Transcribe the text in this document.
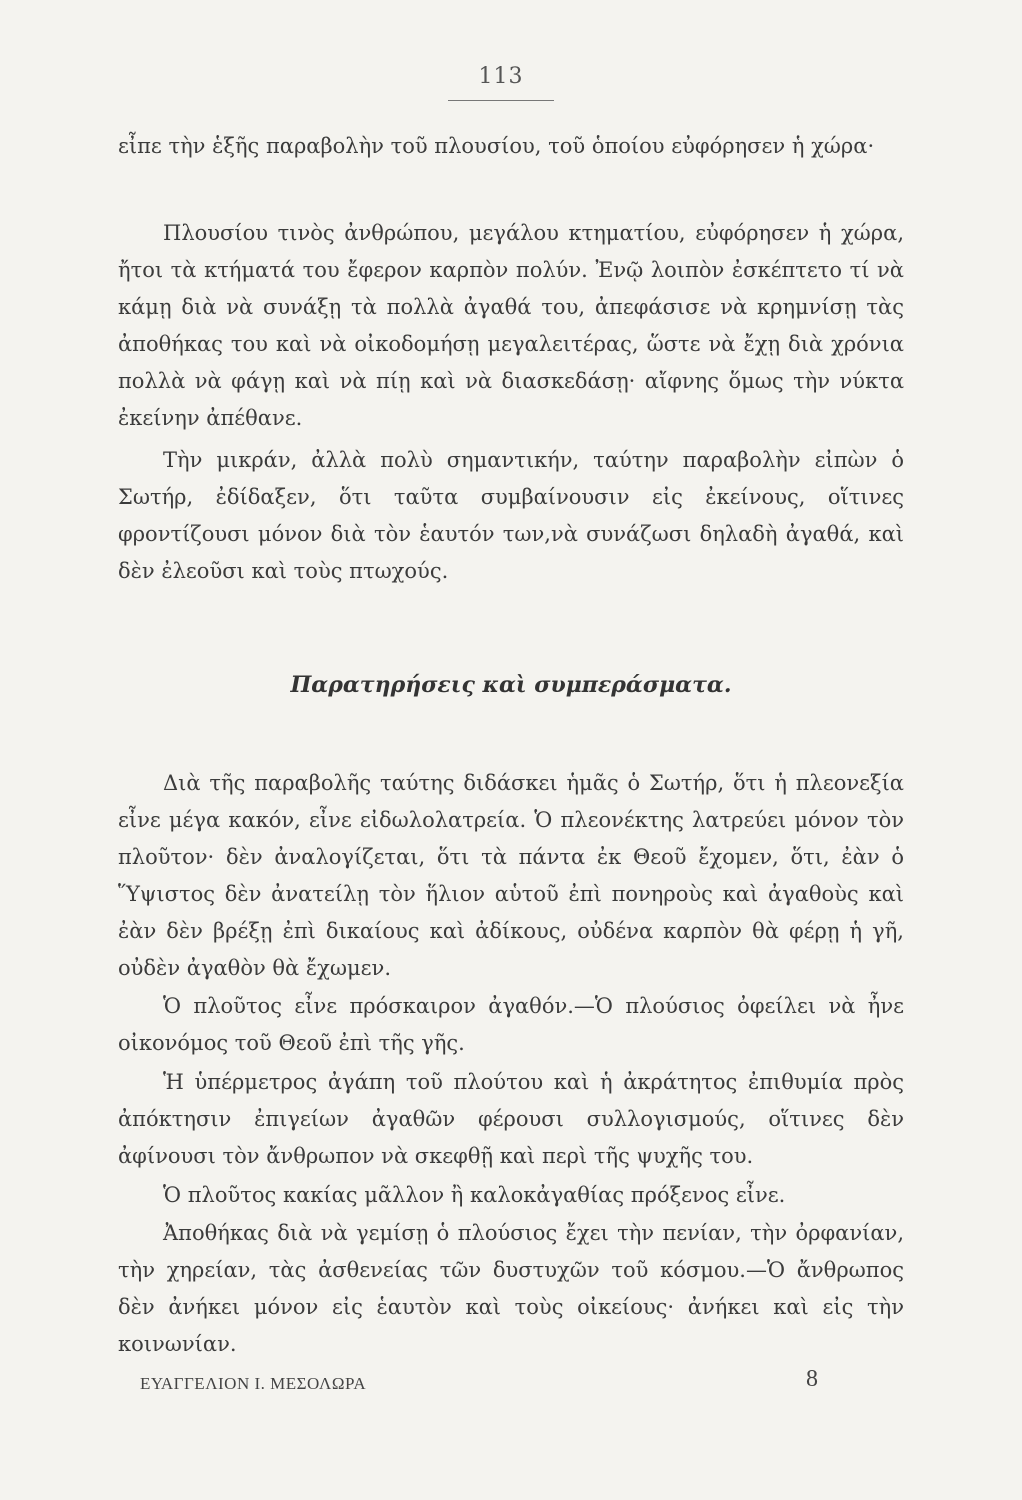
113

εἶπε τὴν ἑξῆς παραβολὴν τοῦ πλουσίου, τοῦ ὁποίου εὐφόρησεν ἡ χώρα·

Πλουσίου τινὸς ἀνθρώπου, μεγάλου κτηματίου, εὐφόρησεν ἡ χώρα, ἤτοι τὰ κτήματά του ἔφερον καρπὸν πολύν. Ἐνῷ λοιπὸν ἐσκέπτετο τί νὰ κάμῃ διὰ νὰ συνάξῃ τὰ πολλὰ ἀγαθά του, ἀπεφάσισε νὰ κρημνίσῃ τὰς ἀποθήκας του καὶ νὰ οἰκοδομήσῃ μεγαλειτέρας, ὥστε νὰ ἔχῃ διὰ χρόνια πολλὰ νὰ φάγῃ καὶ νὰ πίῃ καὶ νὰ διασκεδάσῃ· αἴφνης ὅμως τὴν νύκτα ἐκείνην ἀπέθανε.

Τὴν μικράν, ἀλλὰ πολὺ σημαντικήν, ταύτην παραβολὴν εἰπὼν ὁ Σωτήρ, ἐδίδαξεν, ὅτι ταῦτα συμβαίνουσιν εἰς ἐκείνους, οἵτινες φροντίζουσι μόνον διὰ τὸν ἑαυτόν των,νὰ συνάζωσι δηλαδὴ ἀγαθά, καὶ δὲν ἐλεοῦσι καὶ τοὺς πτωχούς.

Παρατηρήσεις καὶ συμπεράσματα.

Διὰ τῆς παραβολῆς ταύτης διδάσκει ἡμᾶς ὁ Σωτήρ, ὅτι ἡ πλεονεξία εἶνε μέγα κακόν, εἶνε εἰδωλολατρεία. Ὁ πλεονέκτης λατρεύει μόνον τὸν πλοῦτον· δὲν ἀναλογίζεται, ὅτι τὰ πάντα ἐκ Θεοῦ ἔχομεν, ὅτι, ἐὰν ὁ Ὕψιστος δὲν ἀνατείλῃ τὸν ἥλιον αὑτοῦ ἐπὶ πονηροὺς καὶ ἀγαθοὺς καὶ ἐὰν δὲν βρέξῃ ἐπὶ δικαίους καὶ ἀδίκους, οὐδένα καρπὸν θὰ φέρῃ ἡ γῆ, οὐδὲν ἀγαθὸν θὰ ἔχωμεν.

Ὁ πλοῦτος εἶνε πρόσκαιρον ἀγαθόν.—Ὁ πλούσιος ὀφείλει νὰ ἦνε οἰκονόμος τοῦ Θεοῦ ἐπὶ τῆς γῆς.

Ἡ ὑπέρμετρος ἀγάπη τοῦ πλούτου καὶ ἡ ἀκράτητος ἐπιθυμία πρὸς ἀπόκτησιν ἐπιγείων ἀγαθῶν φέρουσι συλλογισμούς, οἵτινες δὲν ἀφίνουσι τὸν ἄνθρωπον νὰ σκεφθῇ καὶ περὶ τῆς ψυχῆς του.

Ὁ πλοῦτος κακίας μᾶλλον ἢ καλοκἀγαθίας πρόξενος εἶνε.

Ἀποθήκας διὰ νὰ γεμίσῃ ὁ πλούσιος ἔχει τὴν πενίαν, τὴν ὀρφανίαν, τὴν χηρείαν, τὰς ἀσθενείας τῶν δυστυχῶν τοῦ κόσμου.—Ὁ ἄνθρωπος δὲν ἀνήκει μόνον εἰς ἑαυτὸν καὶ τοὺς οἰκείους· ἀνήκει καὶ εἰς τὴν κοινωνίαν.

ΕΥΑΓΓΕΛΙΟΝ Ι. ΜΕΣΟΛΩΡΑ	8
